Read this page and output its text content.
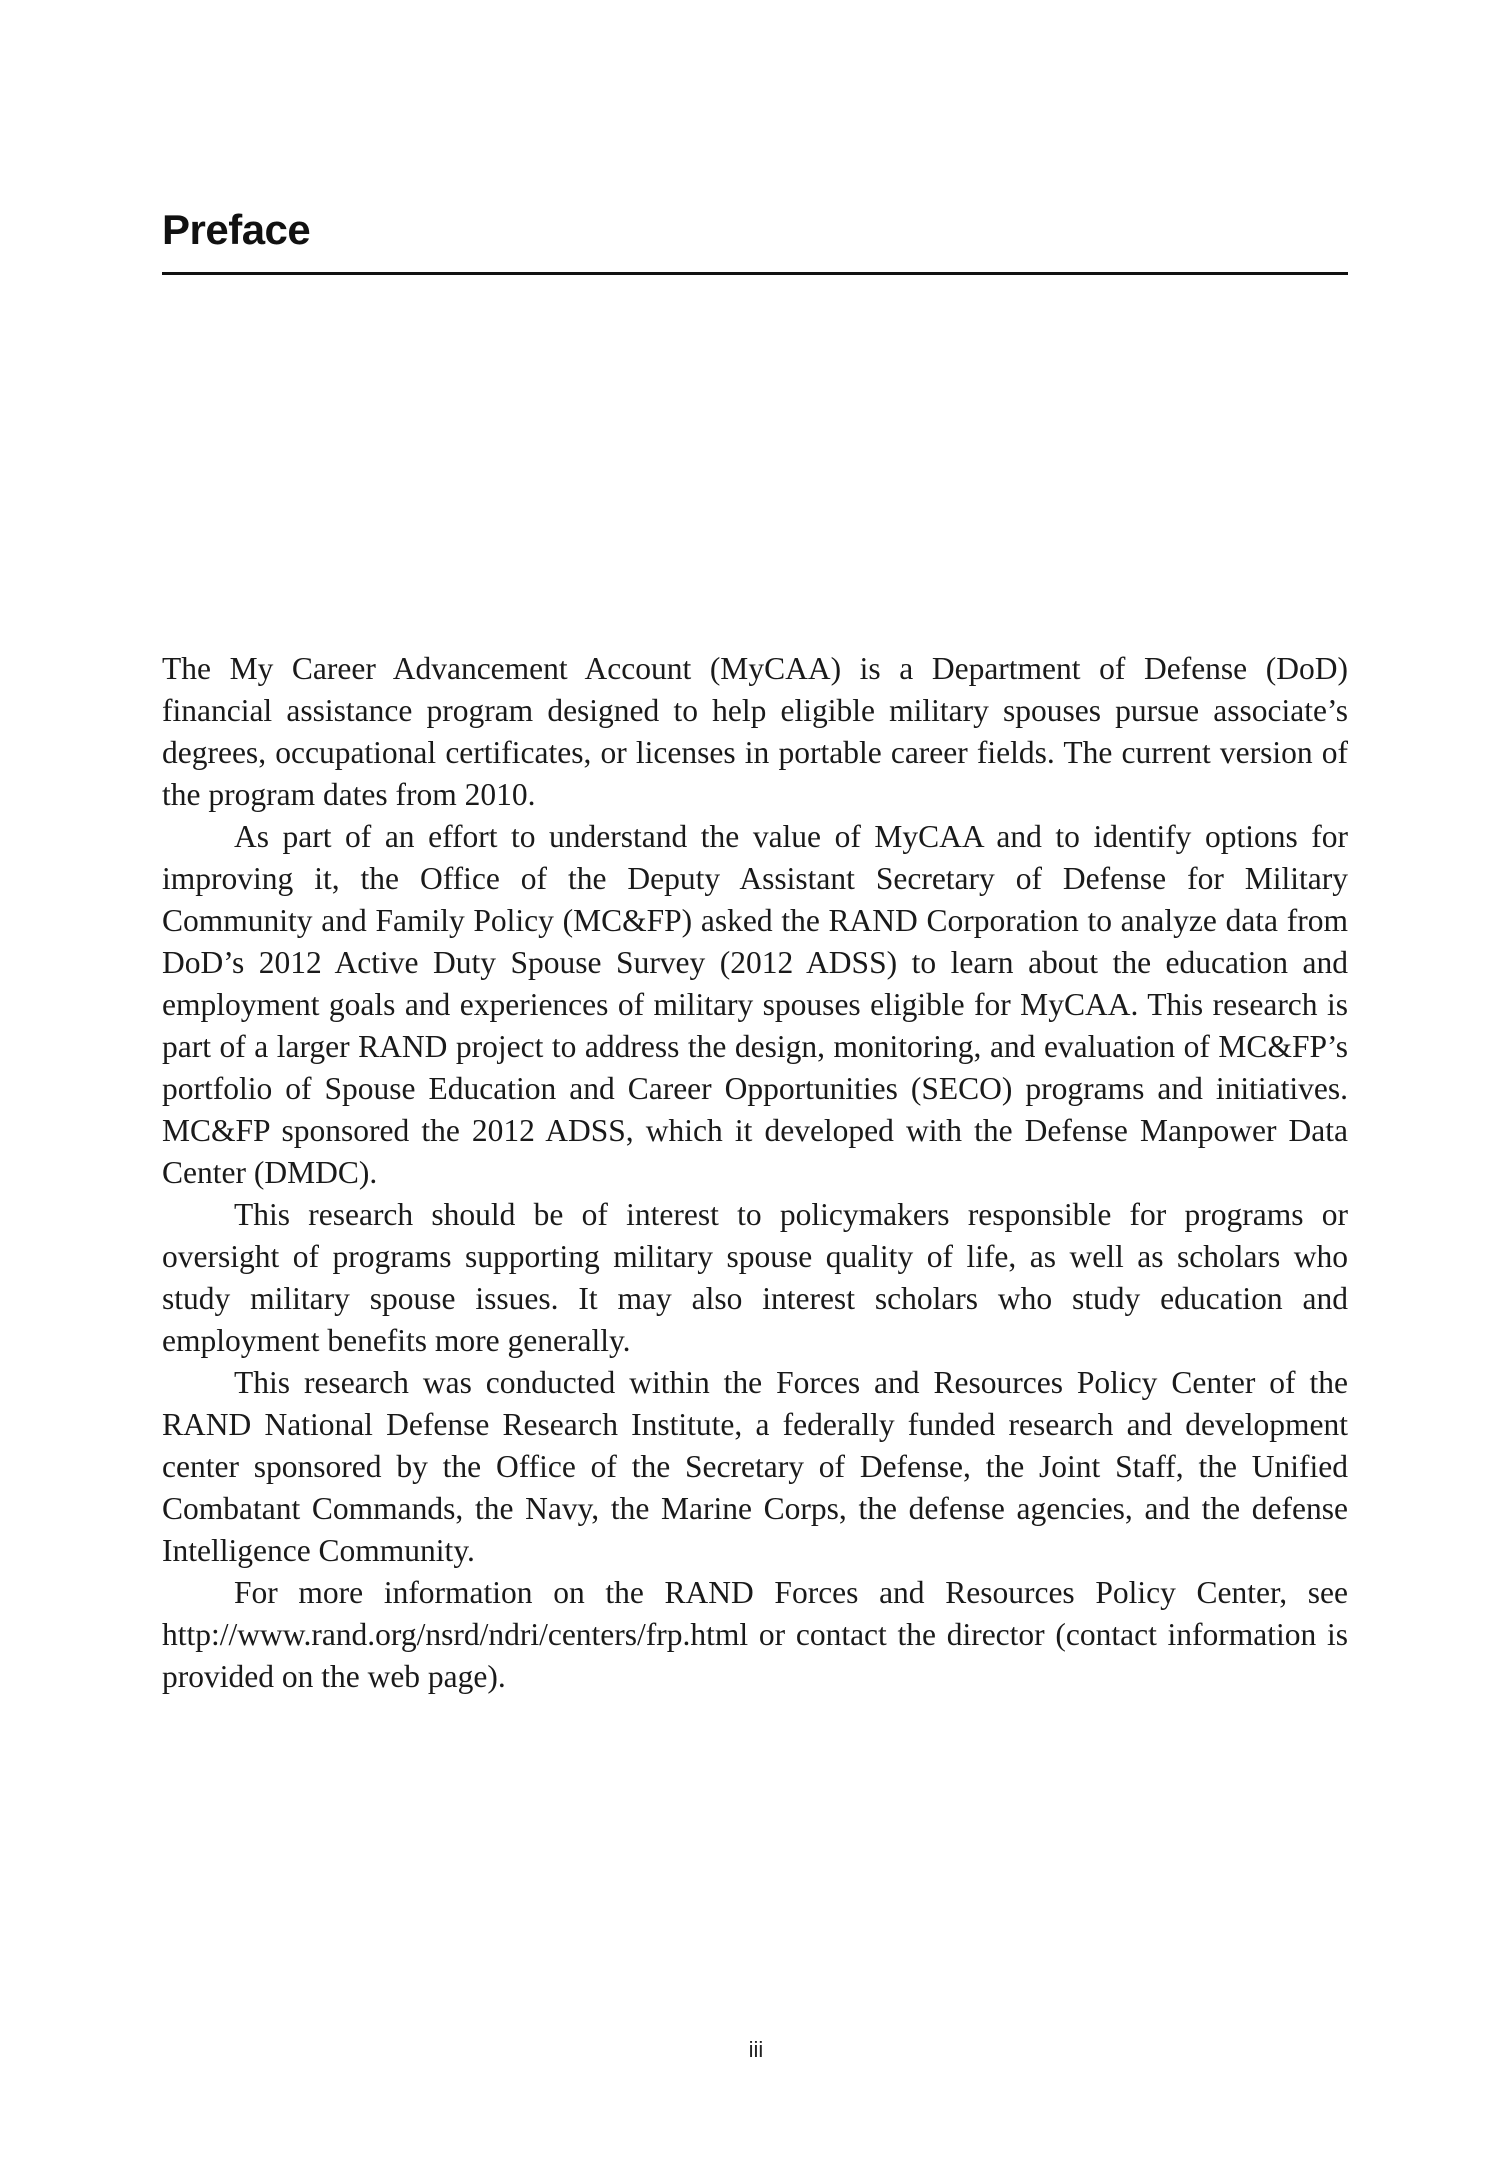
Preface

The My Career Advancement Account (MyCAA) is a Department of Defense (DoD) financial assistance program designed to help eligible military spouses pursue associate’s degrees, occupational certificates, or licenses in portable career fields. The current version of the program dates from 2010.

As part of an effort to understand the value of MyCAA and to identify options for improving it, the Office of the Deputy Assistant Secretary of Defense for Military Community and Family Policy (MC&FP) asked the RAND Corporation to analyze data from DoD’s 2012 Active Duty Spouse Survey (2012 ADSS) to learn about the education and employment goals and experiences of military spouses eligible for MyCAA. This research is part of a larger RAND project to address the design, monitoring, and evaluation of MC&FP’s portfolio of Spouse Education and Career Opportunities (SECO) programs and initiatives. MC&FP sponsored the 2012 ADSS, which it developed with the Defense Manpower Data Center (DMDC).

This research should be of interest to policymakers responsible for programs or oversight of programs supporting military spouse quality of life, as well as scholars who study military spouse issues. It may also interest scholars who study education and employment benefits more generally.

This research was conducted within the Forces and Resources Policy Center of the RAND National Defense Research Institute, a federally funded research and development center sponsored by the Office of the Secretary of Defense, the Joint Staff, the Unified Combatant Commands, the Navy, the Marine Corps, the defense agencies, and the defense Intelligence Community.

For more information on the RAND Forces and Resources Policy Center, see http://www.rand.org/nsrd/ndri/centers/frp.html or contact the director (contact information is provided on the web page).

iii
